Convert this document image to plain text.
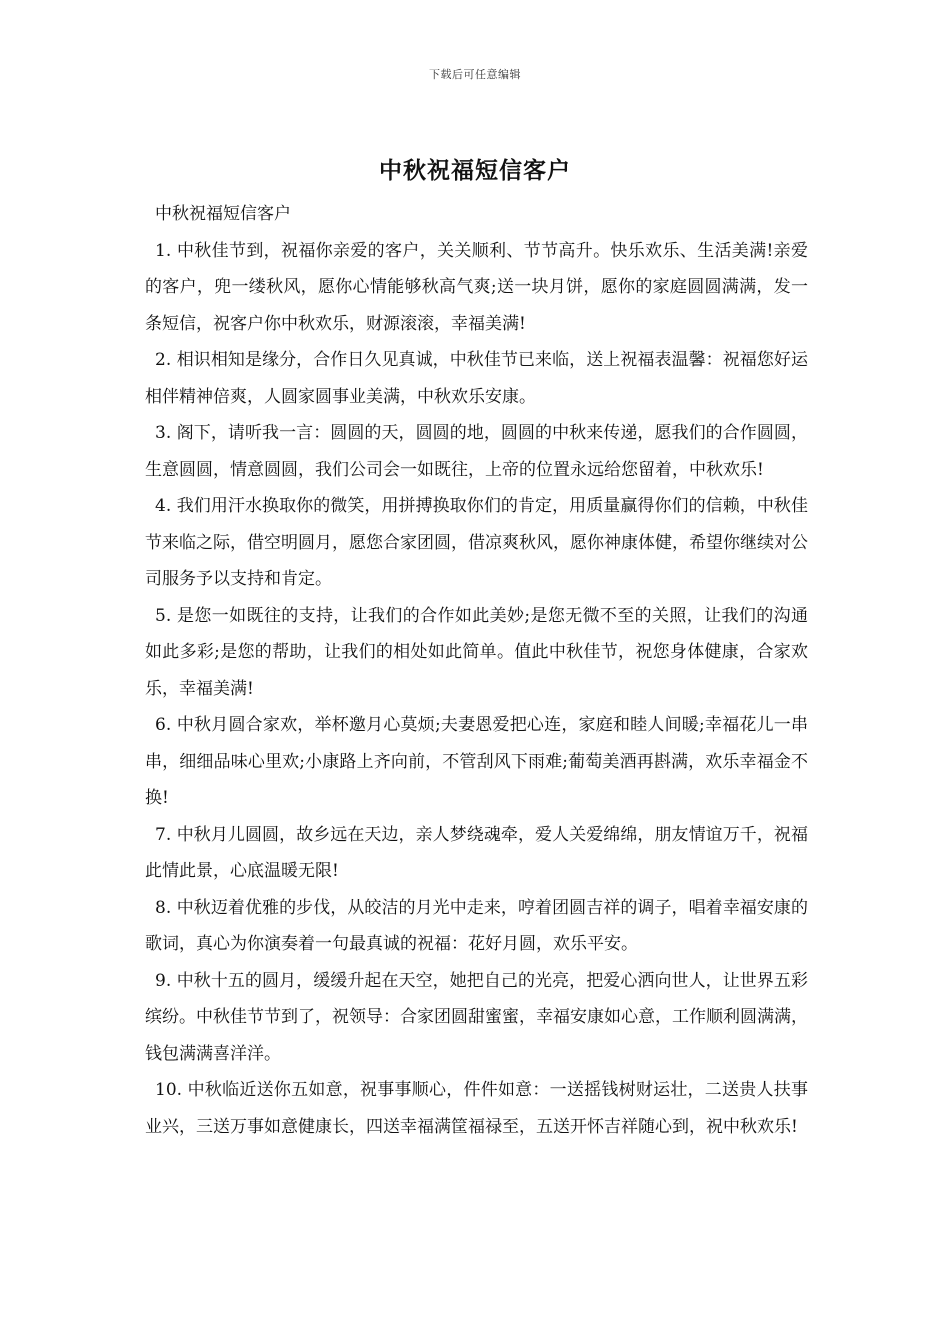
下载后可任意编辑
中秋祝福短信客户

中秋祝福短信客户

1. 中秋佳节到，祝福你亲爱的客户，关关顺利、节节高升。快乐欢乐、生活美满!亲爱的客户，兜一缕秋风，愿你心情能够秋高气爽;送一块月饼，愿你的家庭圆圆满满，发一条短信，祝客户你中秋欢乐，财源滚滚，幸福美满!

2. 相识相知是缘分，合作日久见真诚，中秋佳节已来临，送上祝福表温馨：祝福您好运相伴精神倍爽，人圆家圆事业美满，中秋欢乐安康。

3. 阁下，请听我一言：圆圆的天，圆圆的地，圆圆的中秋来传递，愿我们的合作圆圆，生意圆圆，情意圆圆，我们公司会一如既往，上帝的位置永远给您留着，中秋欢乐!

4. 我们用汗水换取你的微笑，用拼搏换取你们的肯定，用质量赢得你们的信赖，中秋佳节来临之际，借空明圆月，愿您合家团圆，借凉爽秋风，愿你神康体健，希望你继续对公司服务予以支持和肯定。

5. 是您一如既往的支持，让我们的合作如此美妙;是您无微不至的关照，让我们的沟通如此多彩;是您的帮助，让我们的相处如此简单。值此中秋佳节，祝您身体健康，合家欢乐，幸福美满!

6. 中秋月圆合家欢，举杯邀月心莫烦;夫妻恩爱把心连，家庭和睦人间暖;幸福花儿一串串，细细品味心里欢;小康路上齐向前，不管刮风下雨难;葡萄美酒再斟满，欢乐幸福金不换!

7. 中秋月儿圆圆，故乡远在天边，亲人梦绕魂牵，爱人关爱绵绵，朋友情谊万千，祝福此情此景，心底温暖无限!

8. 中秋迈着优雅的步伐，从皎洁的月光中走来，哼着团圆吉祥的调子，唱着幸福安康的歌词，真心为你演奏着一句最真诚的祝福：花好月圆，欢乐平安。

9. 中秋十五的圆月，缓缓升起在天空，她把自己的光亮，把爱心洒向世人，让世界五彩缤纷。中秋佳节节到了，祝领导：合家团圆甜蜜蜜，幸福安康如心意，工作顺利圆满满，钱包满满喜洋洋。

10. 中秋临近送你五如意，祝事事顺心，件件如意：一送摇钱树财运壮，二送贵人扶事业兴，三送万事如意健康长，四送幸福满筐福禄至，五送开怀吉祥随心到，祝中秋欢乐!
